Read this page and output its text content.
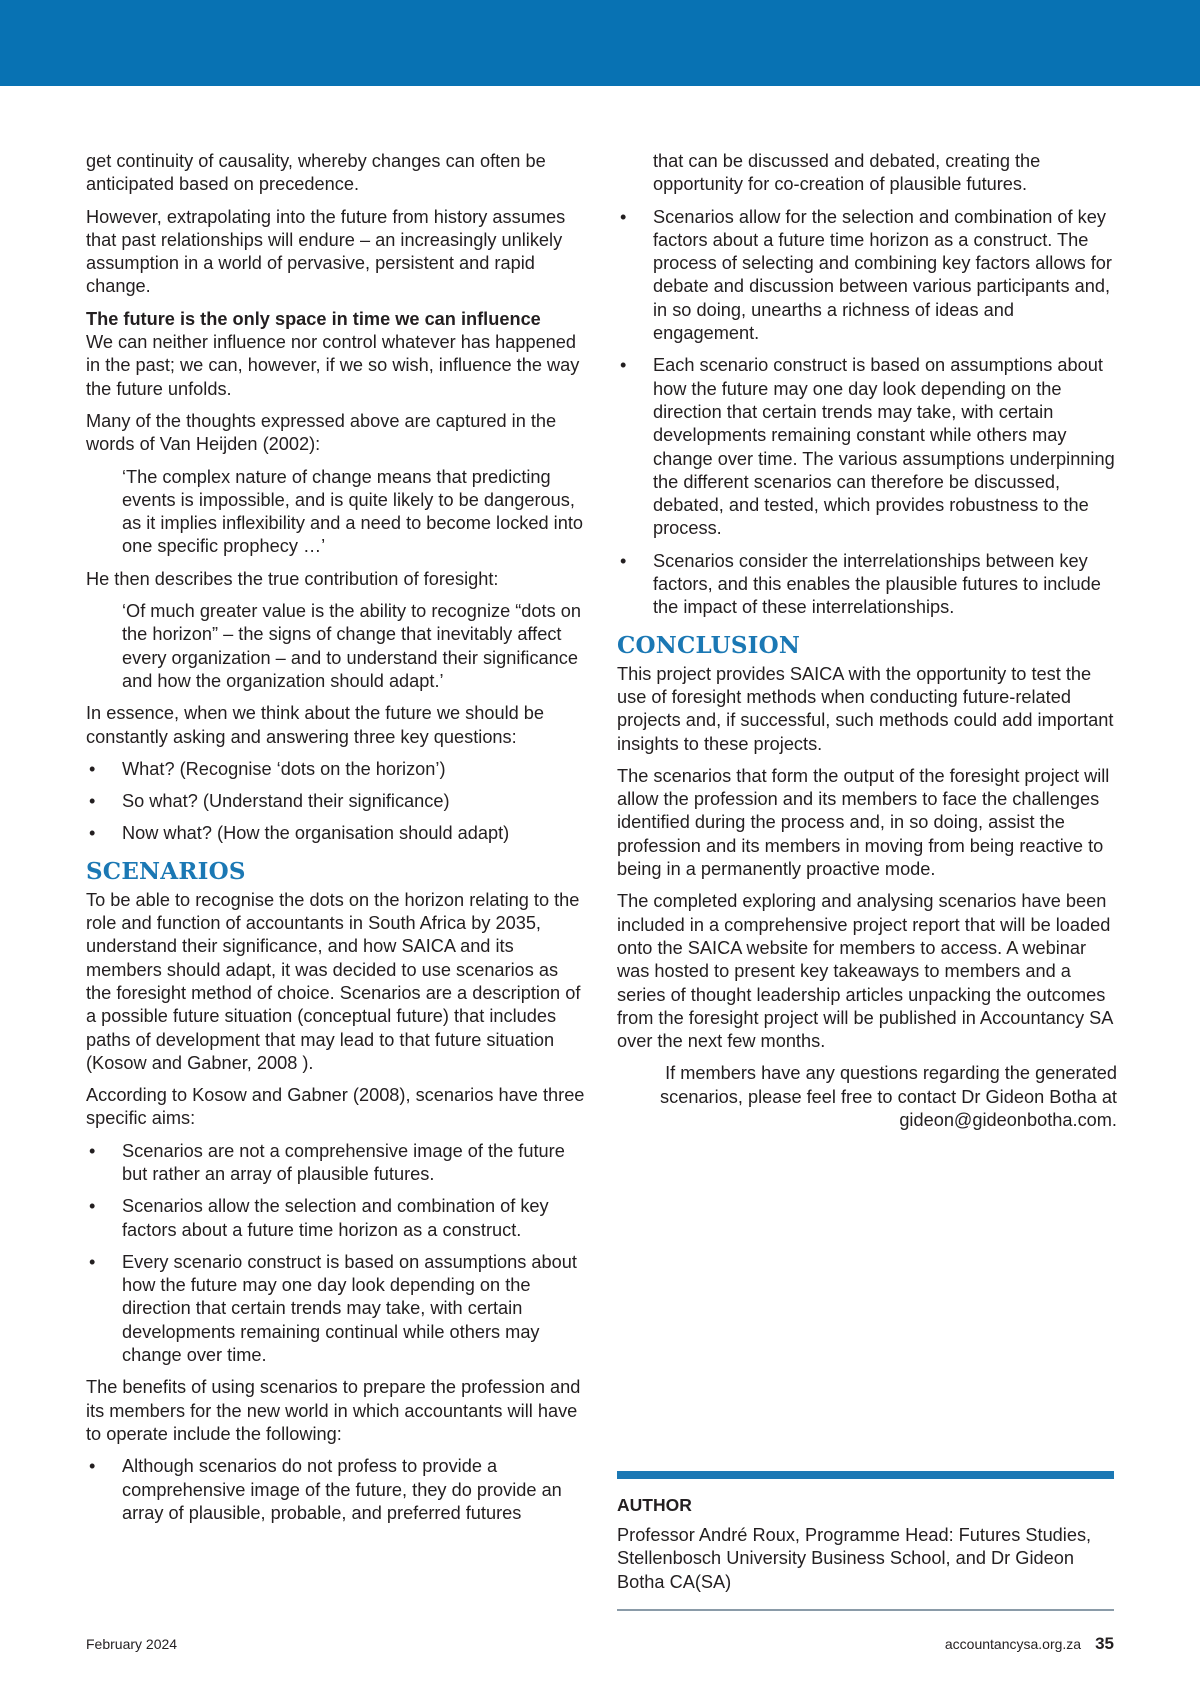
get continuity of causality, whereby changes can often be anticipated based on precedence.

However, extrapolating into the future from history assumes that past relationships will endure – an increasingly unlikely assumption in a world of pervasive, persistent and rapid change.

The future is the only space in time we can influence
We can neither influence nor control whatever has happened in the past; we can, however, if we so wish, influence the way the future unfolds.

Many of the thoughts expressed above are captured in the words of Van Heijden (2002):

‘The complex nature of change means that predicting events is impossible, and is quite likely to be dangerous, as it implies inflexibility and a need to become locked into one specific prophecy …’

He then describes the true contribution of foresight:

‘Of much greater value is the ability to recognize “dots on the horizon” – the signs of change that inevitably affect every organization – and to understand their significance and how the organization should adapt.’

In essence, when we think about the future we should be constantly asking and answering three key questions:

• What? (Recognise ‘dots on the horizon’)
• So what? (Understand their significance)
• Now what? (How the organisation should adapt)
SCENARIOS

To be able to recognise the dots on the horizon relating to the role and function of accountants in South Africa by 2035, understand their significance, and how SAICA and its members should adapt, it was decided to use scenarios as the foresight method of choice. Scenarios are a description of a possible future situation (conceptual future) that includes paths of development that may lead to that future situation (Kosow and Gabner, 2008 ).

According to Kosow and Gabner (2008), scenarios have three specific aims:

• Scenarios are not a comprehensive image of the future but rather an array of plausible futures.
• Scenarios allow the selection and combination of key factors about a future time horizon as a construct.
• Every scenario construct is based on assumptions about how the future may one day look depending on the direction that certain trends may take, with certain developments remaining continual while others may change over time.

The benefits of using scenarios to prepare the profession and its members for the new world in which accountants will have to operate include the following:

• Although scenarios do not profess to provide a comprehensive image of the future, they do provide an array of plausible, probable, and preferred futures
that can be discussed and debated, creating the opportunity for co-creation of plausible futures.
• Scenarios allow for the selection and combination of key factors about a future time horizon as a construct. The process of selecting and combining key factors allows for debate and discussion between various participants and, in so doing, unearths a richness of ideas and engagement.
• Each scenario construct is based on assumptions about how the future may one day look depending on the direction that certain trends may take, with certain developments remaining constant while others may change over time. The various assumptions underpinning the different scenarios can therefore be discussed, debated, and tested, which provides robustness to the process.
• Scenarios consider the interrelationships between key factors, and this enables the plausible futures to include the impact of these interrelationships.
CONCLUSION

This project provides SAICA with the opportunity to test the use of foresight methods when conducting future-related projects and, if successful, such methods could add important insights to these projects.

The scenarios that form the output of the foresight project will allow the profession and its members to face the challenges identified during the process and, in so doing, assist the profession and its members in moving from being reactive to being in a permanently proactive mode.

The completed exploring and analysing scenarios have been included in a comprehensive project report that will be loaded onto the SAICA website for members to access. A webinar was hosted to present key takeaways to members and a series of thought leadership articles unpacking the outcomes from the foresight project will be published in Accountancy SA over the next few months.

If members have any questions regarding the generated scenarios, please feel free to contact Dr Gideon Botha at gideon@gideonbotha.com.

AUTHOR
Professor André Roux, Programme Head: Futures Studies, Stellenbosch University Business School, and Dr Gideon Botha CA(SA)
February 2024	accountancysa.org.za 35
